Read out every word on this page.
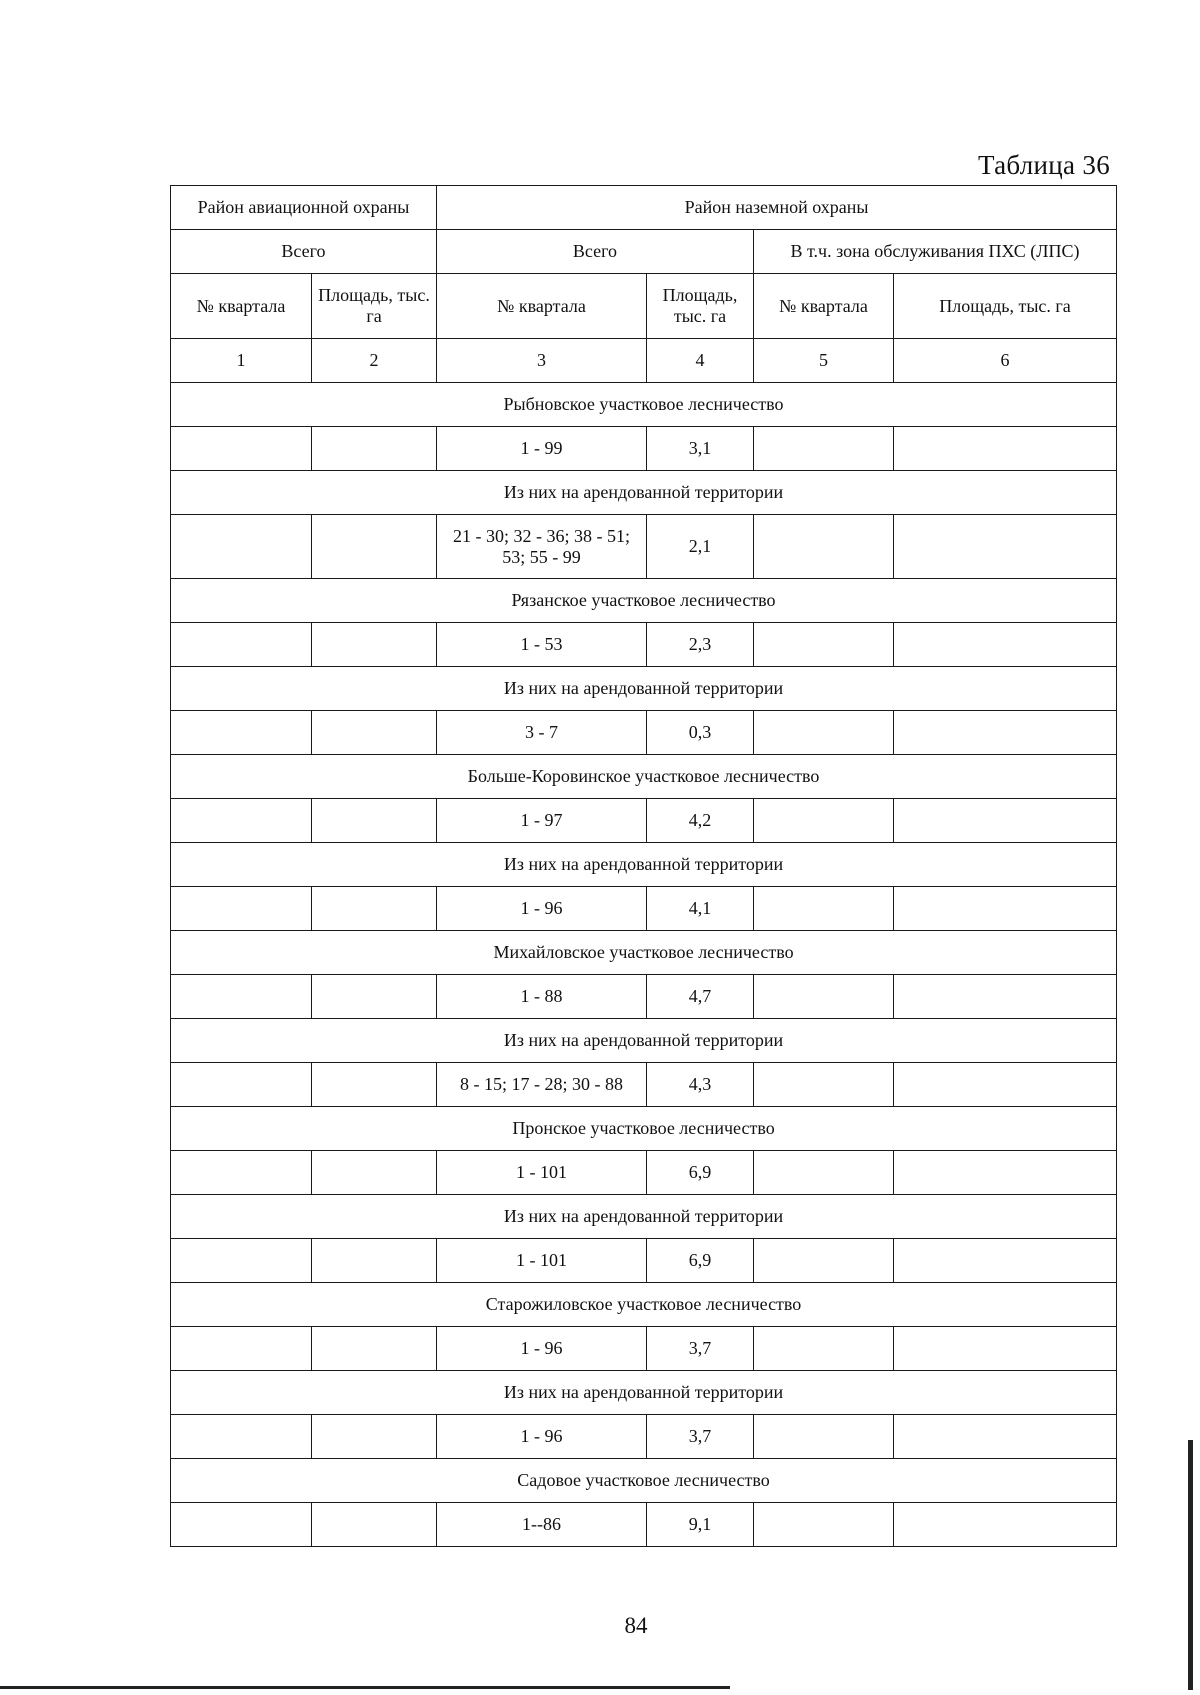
Таблица 36
Район авиационной охраны		Район наземной охраны			
Всего		Всего		В т.ч. зона обслуживания ПХС (ЛПС)	
№ квартала	Площадь, тыс. га	№ квартала	Площадь, тыс. га	№ квартала	Площадь, тыс. га
1	2	3	4	5	6
Рыбновское участковое лесничество					
		1 - 99	3,1		
Из них на арендованной территории					
		21 - 30; 32 - 36; 38 - 51; 53; 55 - 99	2,1		
Рязанское участковое лесничество					
		1 - 53	2,3		
Из них на арендованной территории					
		3 - 7	0,3		
Больше-Коровинское участковое лесничество					
		1 - 97	4,2		
Из них на арендованной территории					
		1 - 96	4,1		
Михайловское участковое лесничество					
		1 - 88	4,7		
Из них на арендованной территории					
		8 - 15; 17 - 28; 30 - 88	4,3		
Пронское участковое лесничество					
		1 - 101	6,9		
Из них на арендованной территории					
		1 - 101	6,9		
Старожиловское участковое лесничество					
		1 - 96	3,7		
Из них на арендованной территории					
		1 - 96	3,7		
Садовое участковое лесничество					
		1--86	9,1		
84
